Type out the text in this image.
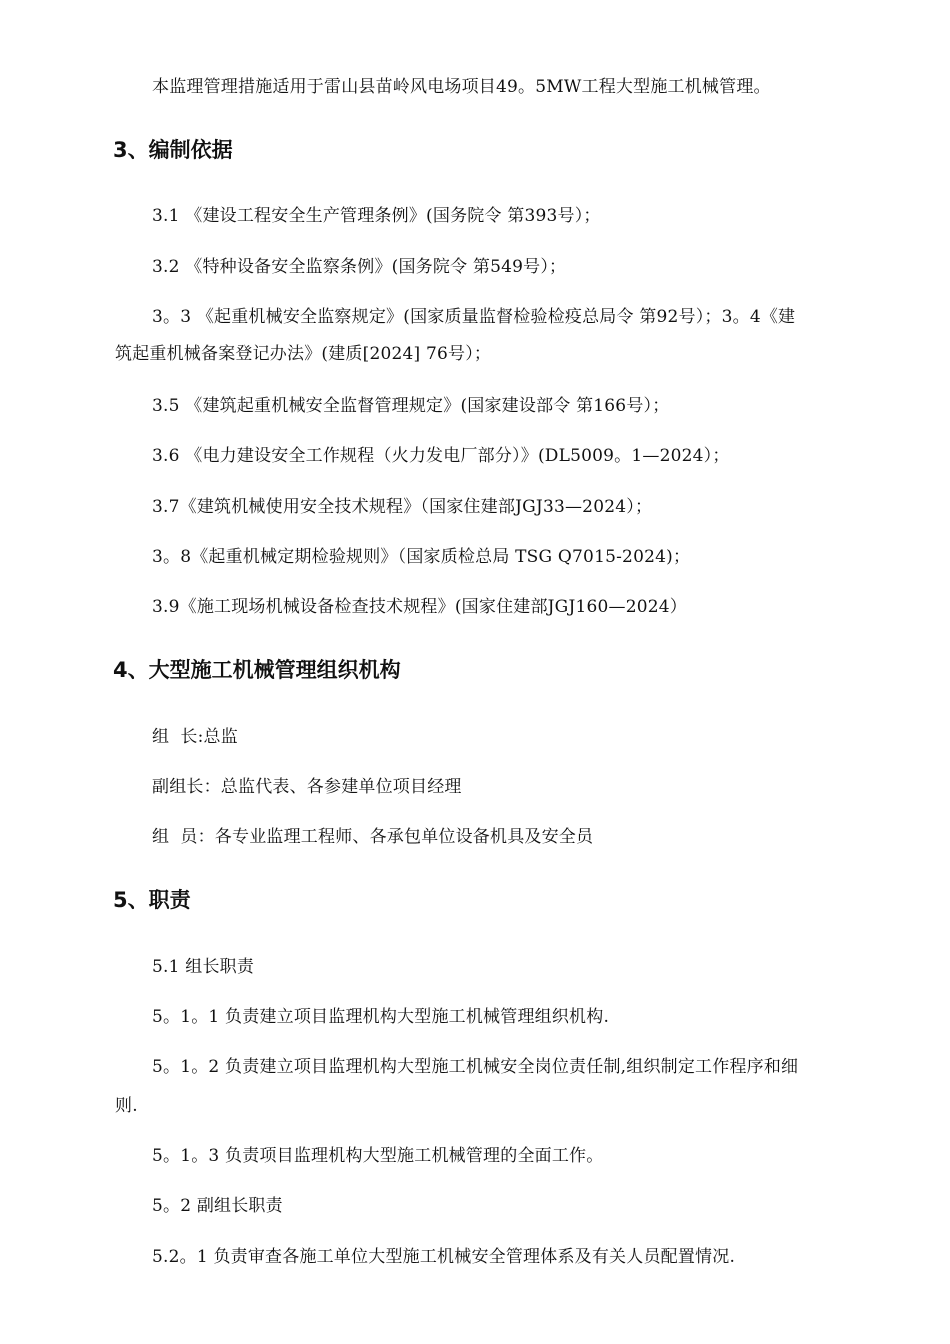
本监理管理措施适用于雷山县苗岭风电场项目49。5MW工程大型施工机械管理。
3、编制依据
3.1 《建设工程安全生产管理条例》(国务院令 第393号）；
3.2 《特种设备安全监察条例》(国务院令 第549号）；
3。3 《起重机械安全监察规定》(国家质量监督检验检疫总局令 第92号）；3。4《建
筑起重机械备案登记办法》(建质[2024] 76号）；
3.5 《建筑起重机械安全监督管理规定》(国家建设部令 第166号）；
3.6 《电力建设安全工作规程（火力发电厂部分）》(DL5009。1—2024）；
3.7《建筑机械使用安全技术规程》（国家住建部JGJ33—2024）；
3。8《起重机械定期检验规则》（国家质检总局 TSG Q7015-2024)；
3.9《施工现场机械设备检查技术规程》(国家住建部JGJ160—2024）
4、大型施工机械管理组织机构
组  长:总监
副组长：总监代表、各参建单位项目经理
组  员：各专业监理工程师、各承包单位设备机具及安全员
5、职责
5.1 组长职责
5。1。1 负责建立项目监理机构大型施工机械管理组织机构.
5。1。2 负责建立项目监理机构大型施工机械安全岗位责任制,组织制定工作程序和细
则.
5。1。3 负责项目监理机构大型施工机械管理的全面工作。
5。2 副组长职责
5.2。1 负责审查各施工单位大型施工机械安全管理体系及有关人员配置情况.
